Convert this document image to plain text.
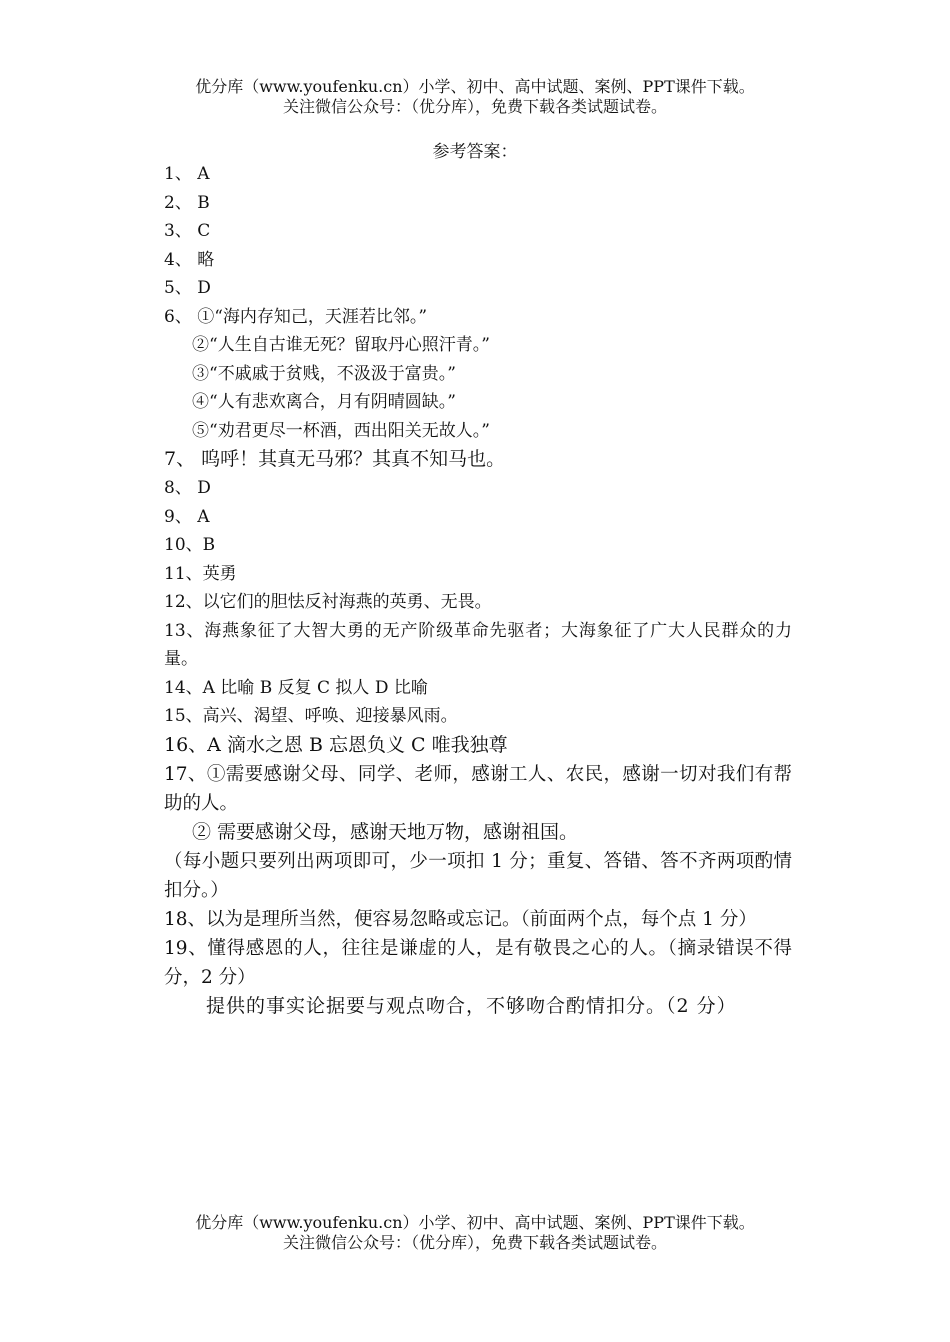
优分库（www.youfenku.cn）小学、初中、高中试题、案例、PPT课件下载。
关注微信公众号：（优分库），免费下载各类试题试卷。
参考答案：
1、 A
2、 B
3、 C
4、 略
5、 D
6、 ①“海内存知己，天涯若比邻。”
②“人生自古谁无死？留取丹心照汗青。”
③“不戚戚于贫贱，不汲汲于富贵。”
④“人有悲欢离合，月有阴晴圆缺。”
⑤“劝君更尽一杯酒，西出阳关无故人。”
7、 呜呼！其真无马邪？其真不知马也。
8、 D
9、 A
10、B
11、英勇
12、以它们的胆怯反衬海燕的英勇、无畏。
13、海燕象征了大智大勇的无产阶级革命先驱者；大海象征了广大人民群众的力量。
14、A 比喻 B 反复 C 拟人 D 比喻
15、高兴、渴望、呼唤、迎接暴风雨。
16、A 滴水之恩 B 忘恩负义 C 唯我独尊
17、①需要感谢父母、同学、老师，感谢工人、农民，感谢一切对我们有帮助的人。
② 需要感谢父母，感谢天地万物，感谢祖国。
（每小题只要列出两项即可，少一项扣 1 分；重复、答错、答不齐两项酌情扣分。）
18、以为是理所当然，便容易忽略或忘记。（前面两个点，每个点 1 分）
19、懂得感恩的人，往往是谦虚的人，是有敬畏之心的人。（摘录错误不得分，2 分）
提供的事实论据要与观点吻合，不够吻合酌情扣分。（2 分）
优分库（www.youfenku.cn）小学、初中、高中试题、案例、PPT课件下载。
关注微信公众号：（优分库），免费下载各类试题试卷。
